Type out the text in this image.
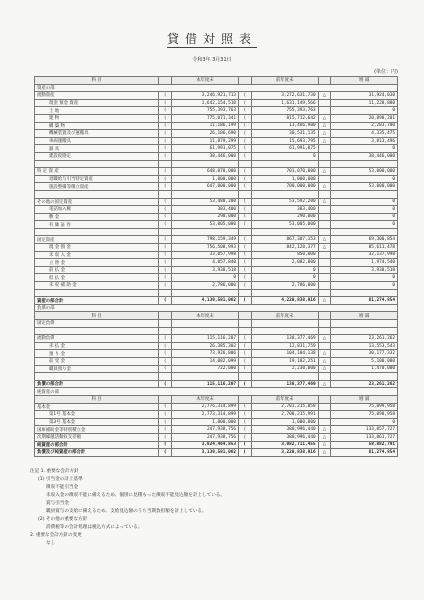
貸借対照表
令和3年 3月31日
(単位：円)
科 目		本年度末		前年度末		増 減
資産の部						
流動資産	(	3,246,921,713	(	3,272,631,730	△	31,924,030
現金 預金 資産	(	1,642,154,510	(	1,631,149,566		11,228,880
土 地	(	755,393,763	(	755,393,763		0
建 物	(	775,071,341	(	815,712,642	△	20,898,201
構 築 物	(	11,186,199	(	13,466,900	△	2,283,700
機械装置及び運搬具	(	26,186,690	(	30,531,135	△	4,335,475
車両運搬具	(	11,879,299	(	15,693,795	△	3,813,496
器 具	(	61,991,075	(	61,991,075		0
建設仮勘定	(	38,446,000	(	0		38,446,000

特 定 資 産	(	648,070,000	(	701,070,000	△	53,000,000
退職給与引当特定資産	(	1,000,000	(	1,000,000		0
施設整備等積立資産	(	647,000,000	(	700,000,000	△	53,000,000

その他の固定資産	(	53,480,200	(	53,592,200	△	0
電話加入権	(	383,400	(	383,400		0
敷 金	(	290,000	(	290,000		0
有 価 証 券	(	53,005,000	(	53,005,000		0

固定資産	(	798,159,349	(	867,307,153	△	69,300,854
現 金 預 金	(	756,508,993	(	842,120,377	△	85,611,478
未 収 入 金	(	33,057,998	(	850,000		32,137,998
立 替 金	(	4,057,840	(	2,082,800		1,974,540
前 払 金	(	3,938,518	(	0		3,938,518
仮 払 金	(	0	(	0		0
未 収 補 助 金	(	2,786,000	(	2,786,000		0

資産の部合計	(	4,139,581,062	(	4,220,838,916	△	81,274,854
負債の部						
科 目		本年度末		前年度末		増 減
固定負債						

流動負債	(	115,116,207	(	138,377,469	△	23,261,262
未 払 金	(	26,385,302	(	12,831,759		13,553,543
預 り 金	(	73,926,806	(	104,104,138	△	30,177,332
前 受 金	(	14,082,099	(	19,182,251	△	5,100,000
職員預り金	(	722,000	(	2,230,000	△	1,470,000

負債の部合計	(	115,116,207	(	138,377,469	△	23,261,262
純資産の部						
科 目		本年度末		前年度末		増 減
基本金	(	2,776,314,899	(	2,701,215,058		75,099,958
第1号 基本金	(	2,773,314,899	(	2,700,215,991		75,098,958
第3号 基本金	(	1,000,000	(	1,000,000		0
国庫補助金等特別積立金	(	247,938,756	(	380,996,440	△	133,057,727
次期繰越活動収支差額	(	247,938,756	(	380,996,440	△	133,061,727
純資産の部合計	(	3,024,464,853	(	3,082,711,455	△	58,882,791
負債及び純資産の部合計	(	3,139,581,062	(	3,220,838,916	△	81,274,854
注記 1. 重要な会計方針
(1) 引当金の計上基準
徴収不能引当金
未収入金の徴収不能に備えるため、個別に見積もった徴収不能見込額を計上している。
賞与引当金
職員賞与の支給に備えるため、支給見込額のうち当期負担額を計上している。
(2) その他の重要な方針
消費税等の会計処理は税込方式によっている。
2. 重要な会計方針の変更
なし
